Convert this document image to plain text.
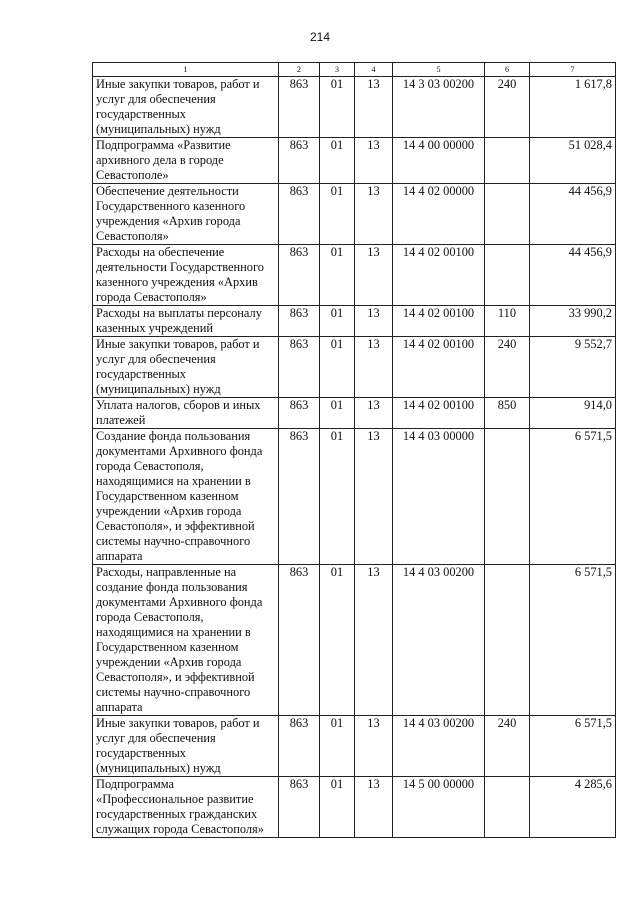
214
1	2	3	4	5	6	7
Иные закупки товаров, работ и услуг для обеспечения государственных (муниципальных) нужд	863	01	13	14 3 03 00200	240	1 617,8
Подпрограмма «Развитие архивного дела в городе Севастополе»	863	01	13	14 4 00 00000		51 028,4
Обеспечение деятельности Государственного казенного учреждения «Архив города Севастополя»	863	01	13	14 4 02 00000		44 456,9
Расходы на обеспечение деятельности Государственного казенного учреждения «Архив города Севастополя»	863	01	13	14 4 02 00100		44 456,9
Расходы на выплаты персоналу казенных учреждений	863	01	13	14 4 02 00100	110	33 990,2
Иные закупки товаров, работ и услуг для обеспечения государственных (муниципальных) нужд	863	01	13	14 4 02 00100	240	9 552,7
Уплата налогов, сборов и иных платежей	863	01	13	14 4 02 00100	850	914,0
Создание фонда пользования документами Архивного фонда города Севастополя, находящимися на хранении в Государственном казенном учреждении «Архив города Севастополя», и эффективной системы научно-справочного аппарата	863	01	13	14 4 03 00000		6 571,5
Расходы, направленные на создание фонда пользования документами Архивного фонда города Севастополя, находящимися на хранении в Государственном казенном учреждении «Архив города Севастополя», и эффективной системы научно-справочного аппарата	863	01	13	14 4 03 00200		6 571,5
Иные закупки товаров, работ и услуг для обеспечения государственных (муниципальных) нужд	863	01	13	14 4 03 00200	240	6 571,5
Подпрограмма «Профессиональное развитие государственных гражданских служащих города Севастополя»	863	01	13	14 5 00 00000		4 285,6
